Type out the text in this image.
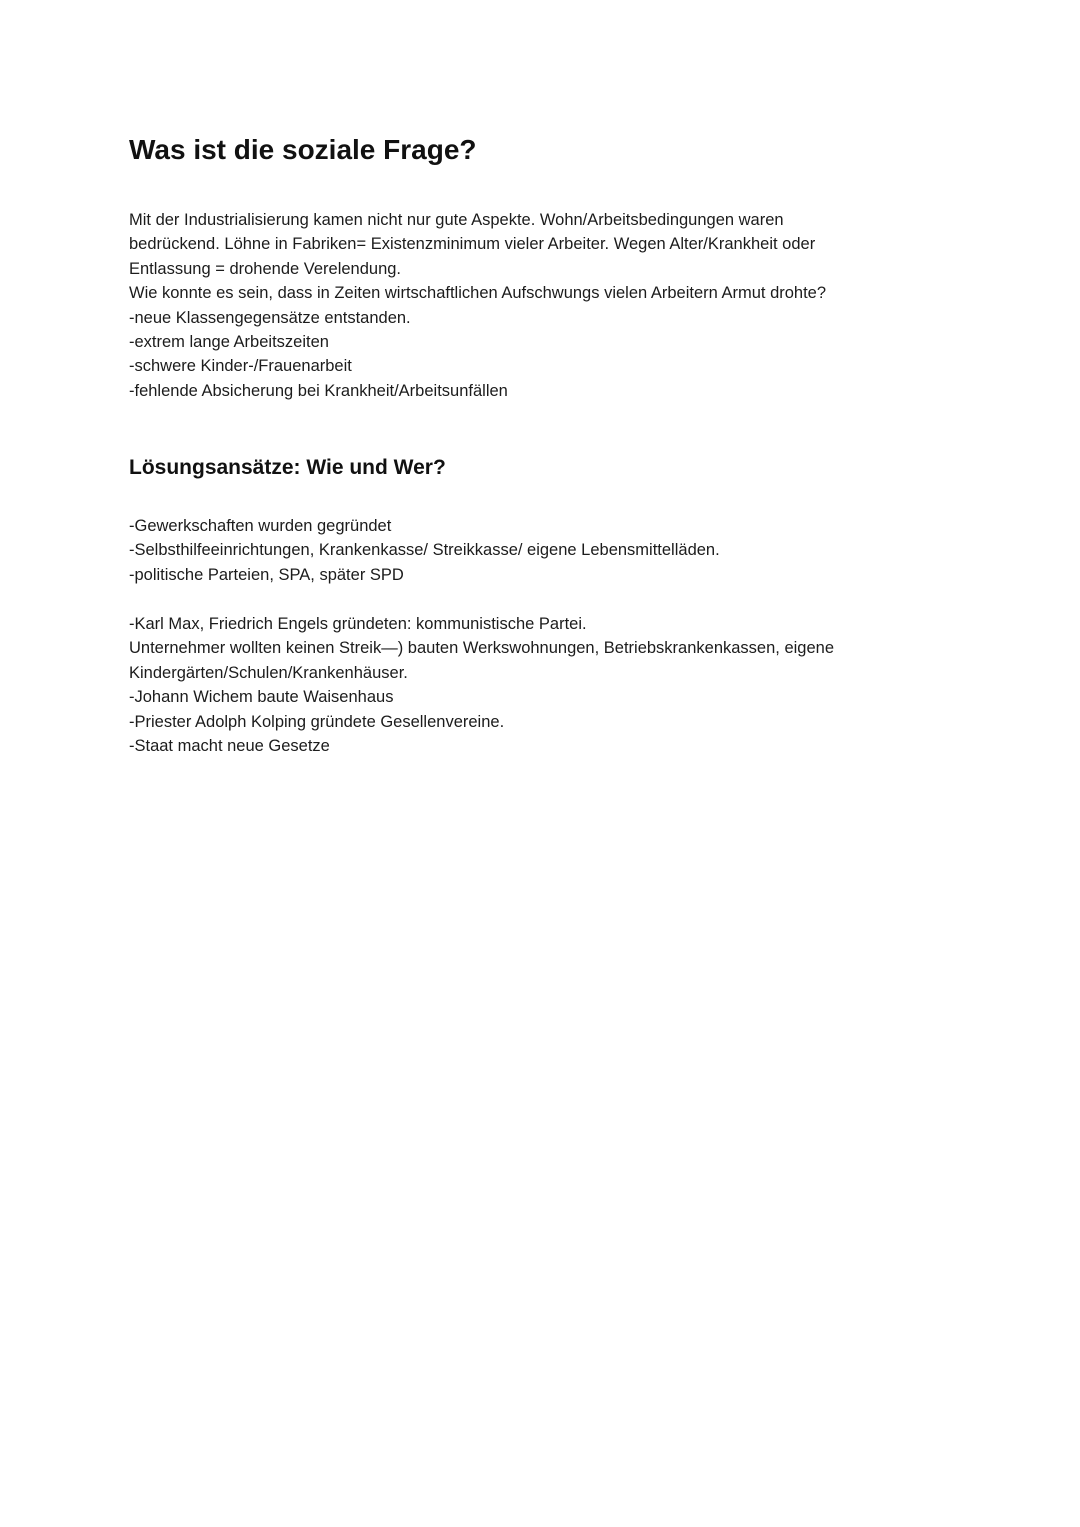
Was ist die soziale Frage?
Mit der Industrialisierung kamen nicht nur gute Aspekte. Wohn/Arbeitsbedingungen waren
bedrückend. Löhne in Fabriken= Existenzminimum vieler Arbeiter. Wegen Alter/Krankheit oder
Entlassung = drohende Verelendung.
Wie konnte es sein, dass in Zeiten wirtschaftlichen Aufschwungs vielen Arbeitern Armut drohte?
-neue Klassengegensätze entstanden.
-extrem lange Arbeitszeiten
-schwere Kinder-/Frauenarbeit
-fehlende Absicherung bei Krankheit/Arbeitsunfällen
Lösungsansätze: Wie und Wer?
-Gewerkschaften wurden gegründet
-Selbsthilfeeinrichtungen, Krankenkasse/ Streikkasse/ eigene Lebensmittelläden.
-politische Parteien, SPA, später SPD
-Karl Max, Friedrich Engels gründeten: kommunistische Partei.
Unternehmer wollten keinen Streik—) bauten Werkswohnungen, Betriebskrankenkassen, eigene
Kindergärten/Schulen/Krankenhäuser.
-Johann Wichem baute Waisenhaus
-Priester Adolph Kolping gründete Gesellenvereine.
-Staat macht neue Gesetze
